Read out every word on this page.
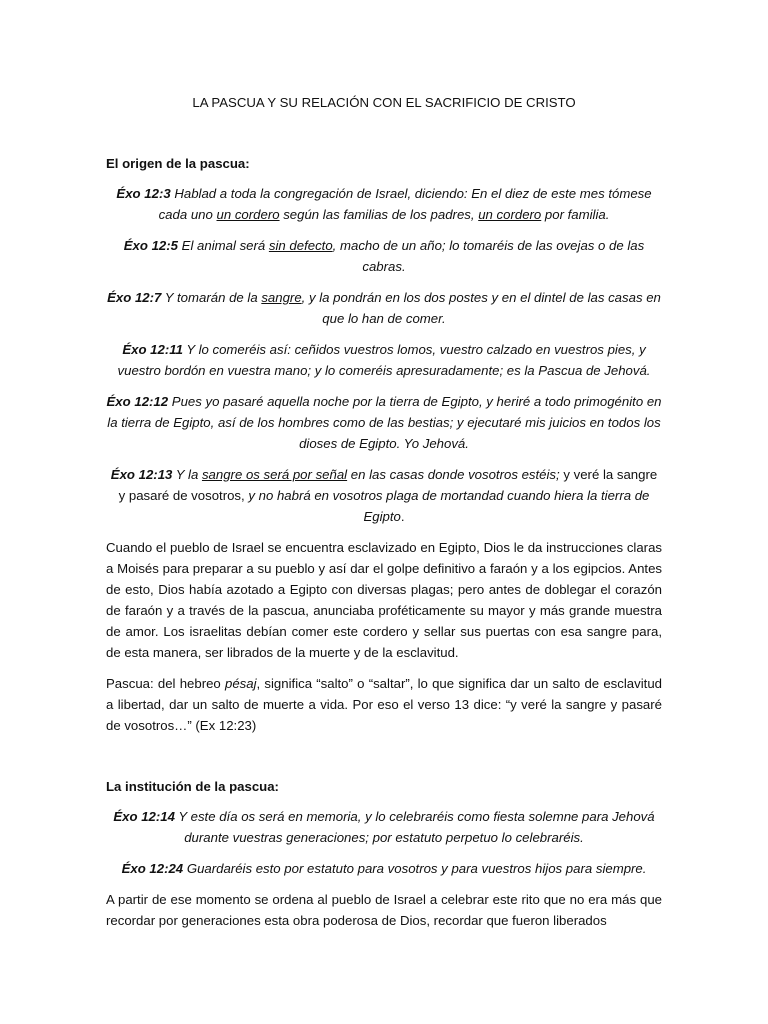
LA PASCUA Y SU RELACIÓN CON EL SACRIFICIO DE CRISTO

El origen de la pascua:

Éxo 12:3 Hablad a toda la congregación de Israel, diciendo: En el diez de este mes tómese cada uno un cordero según las familias de los padres, un cordero por familia.

Éxo 12:5 El animal será sin defecto, macho de un año; lo tomaréis de las ovejas o de las cabras.

Éxo 12:7 Y tomarán de la sangre, y la pondrán en los dos postes y en el dintel de las casas en que lo han de comer.

Éxo 12:11 Y lo comeréis así: ceñidos vuestros lomos, vuestro calzado en vuestros pies, y vuestro bordón en vuestra mano; y lo comeréis apresuradamente; es la Pascua de Jehová.

Éxo 12:12 Pues yo pasaré aquella noche por la tierra de Egipto, y heriré a todo primogénito en la tierra de Egipto, así de los hombres como de las bestias; y ejecutaré mis juicios en todos los dioses de Egipto. Yo Jehová.

Éxo 12:13 Y la sangre os será por señal en las casas donde vosotros estéis; y veré la sangre y pasaré de vosotros, y no habrá en vosotros plaga de mortandad cuando hiera la tierra de Egipto.

Cuando el pueblo de Israel se encuentra esclavizado en Egipto, Dios le da instrucciones claras a Moisés para preparar a su pueblo y así dar el golpe definitivo a faraón y a los egipcios. Antes de esto, Dios había azotado a Egipto con diversas plagas; pero antes de doblegar el corazón de faraón y a través de la pascua, anunciaba proféticamente su mayor y más grande muestra de amor. Los israelitas debían comer este cordero y sellar sus puertas con esa sangre para, de esta manera, ser librados de la muerte y de la esclavitud.

Pascua: del hebreo pésaj, significa “salto” o “saltar”, lo que significa dar un salto de esclavitud a libertad, dar un salto de muerte a vida. Por eso el verso 13 dice: “y veré la sangre y pasaré de vosotros…” (Ex 12:23)

La institución de la pascua:

Éxo 12:14 Y este día os será en memoria, y lo celebraréis como fiesta solemne para Jehová durante vuestras generaciones; por estatuto perpetuo lo celebraréis.

Éxo 12:24 Guardaréis esto por estatuto para vosotros y para vuestros hijos para siempre.

A partir de ese momento se ordena al pueblo de Israel a celebrar este rito que no era más que recordar por generaciones esta obra poderosa de Dios, recordar que fueron liberados
